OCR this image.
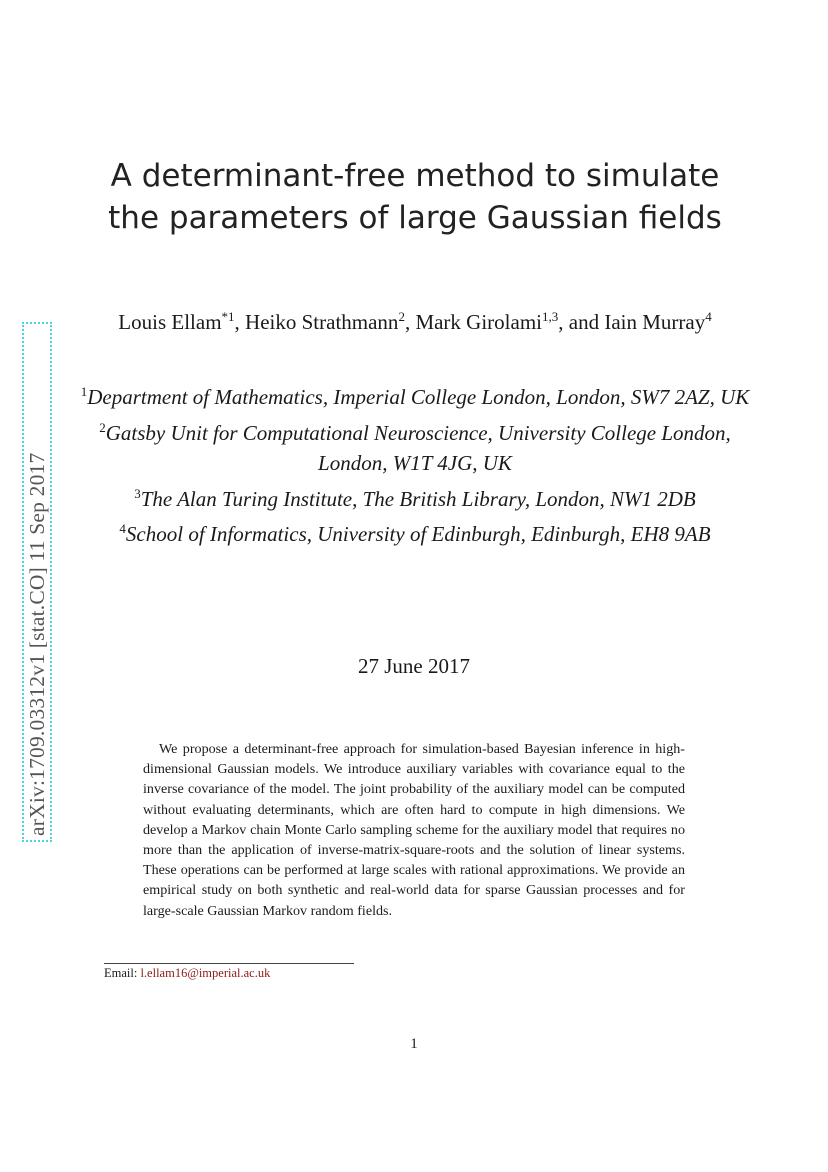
arXiv:1709.03312v1 [stat.CO] 11 Sep 2017
A determinant-free method to simulate the parameters of large Gaussian fields
Louis Ellam$^{*1}$, Heiko Strathmann$^2$, Mark Girolami$^{1,3}$, and Iain Murray$^4$
$^1$Department of Mathematics, Imperial College London, London, SW7 2AZ, UK
$^2$Gatsby Unit for Computational Neuroscience, University College London, London, W1T 4JG, UK
$^3$The Alan Turing Institute, The British Library, London, NW1 2DB
$^4$School of Informatics, University of Edinburgh, Edinburgh, EH8 9AB
27 June 2017
We propose a determinant-free approach for simulation-based Bayesian inference in high-dimensional Gaussian models. We introduce auxiliary variables with covariance equal to the inverse covariance of the model. The joint probability of the auxiliary model can be computed without evaluating determinants, which are often hard to compute in high dimensions. We develop a Markov chain Monte Carlo sampling scheme for the auxiliary model that requires no more than the application of inverse-matrix-square-roots and the solution of linear systems. These operations can be performed at large scales with rational approximations. We provide an empirical study on both synthetic and real-world data for sparse Gaussian processes and for large-scale Gaussian Markov random fields.
Email: l.ellam16@imperial.ac.uk
1
